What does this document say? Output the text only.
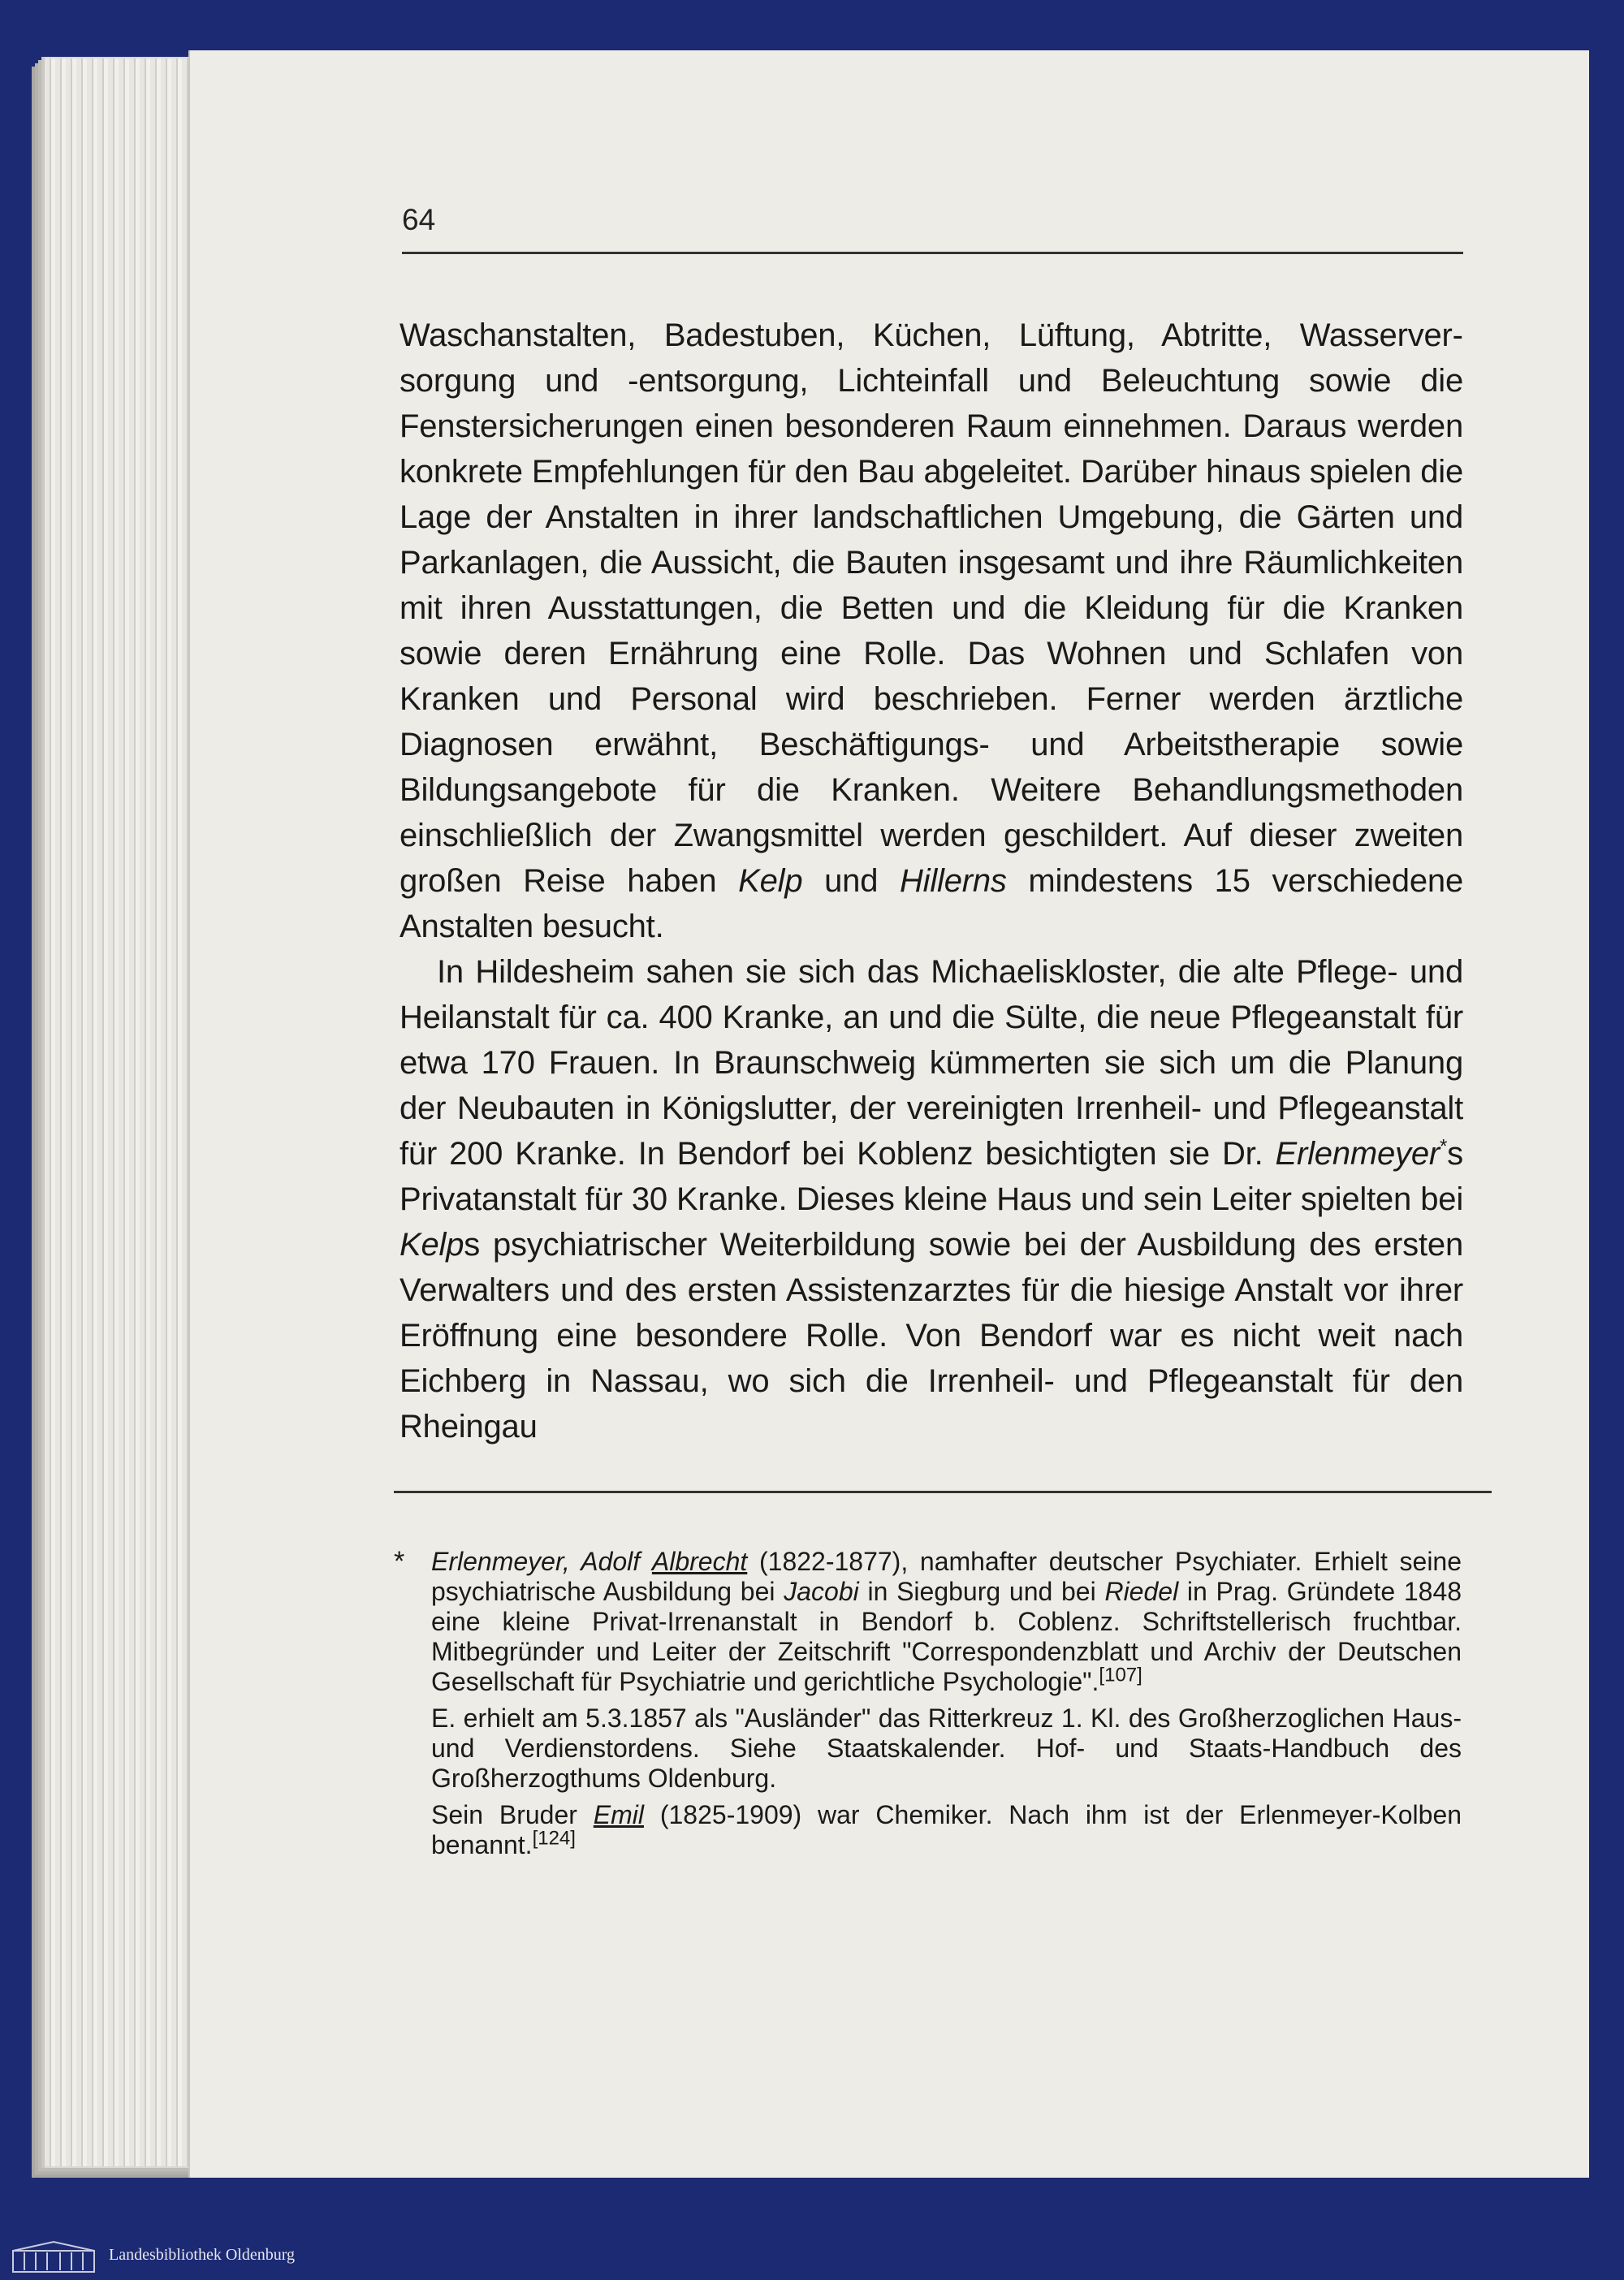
64

Waschanstalten, Badestuben, Küchen, Lüftung, Abtritte, Wasserversorgung und -entsorgung, Lichteinfall und Beleuchtung sowie die Fenstersicherungen einen besonderen Raum einnehmen. Daraus werden konkrete Empfehlungen für den Bau abgeleitet. Darüber hinaus spielen die Lage der Anstalten in ihrer landschaftlichen Umgebung, die Gärten und Parkanlagen, die Aussicht, die Bauten insgesamt und ihre Räumlichkeiten mit ihren Ausstattungen, die Betten und die Kleidung für die Kranken sowie deren Ernährung eine Rolle. Das Wohnen und Schlafen von Kranken und Personal wird beschrieben. Ferner werden ärztliche Diagnosen erwähnt, Beschäftigungs- und Arbeitstherapie sowie Bildungsangebote für die Kranken. Weitere Behandlungsmethoden einschließlich der Zwangsmittel werden geschildert. Auf dieser zweiten großen Reise haben Kelp und Hillerns mindestens 15 verschiedene Anstalten besucht.

In Hildesheim sahen sie sich das Michaeliskloster, die alte Pflege- und Heilanstalt für ca. 400 Kranke, an und die Sülte, die neue Pflegeanstalt für etwa 170 Frauen. In Braunschweig kümmerten sie sich um die Planung der Neubauten in Königslutter, der vereinigten Irrenheil- und Pflegeanstalt für 200 Kranke. In Bendorf bei Koblenz besichtigten sie Dr. Erlenmeyer*s Privatanstalt für 30 Kranke. Dieses kleine Haus und sein Leiter spielten bei Kelps psychiatrischer Weiterbildung sowie bei der Ausbildung des ersten Verwalters und des ersten Assistenzarztes für die hiesige Anstalt vor ihrer Eröffnung eine besondere Rolle. Von Bendorf war es nicht weit nach Eichberg in Nassau, wo sich die Irrenheil- und Pflegeanstalt für den Rheingau

* Erlenmeyer, Adolf Albrecht (1822-1877), namhafter deutscher Psychiater. Erhielt seine psychiatrische Ausbildung bei Jacobi in Siegburg und bei Riedel in Prag. Gründete 1848 eine kleine Privat-Irrenanstalt in Bendorf b. Coblenz. Schriftstellerisch fruchtbar. Mitbegründer und Leiter der Zeitschrift "Correspondenzblatt und Archiv der Deutschen Gesellschaft für Psychiatrie und gerichtliche Psychologie".[107]

E. erhielt am 5.3.1857 als "Ausländer" das Ritterkreuz 1. Kl. des Großherzoglichen Haus- und Verdienstordens. Siehe Staatskalender. Hof- und Staats-Handbuch des Großherzogthums Oldenburg.

Sein Bruder Emil (1825-1909) war Chemiker. Nach ihm ist der Erlenmeyer-Kolben benannt.[124]

Landesbibliothek Oldenburg
